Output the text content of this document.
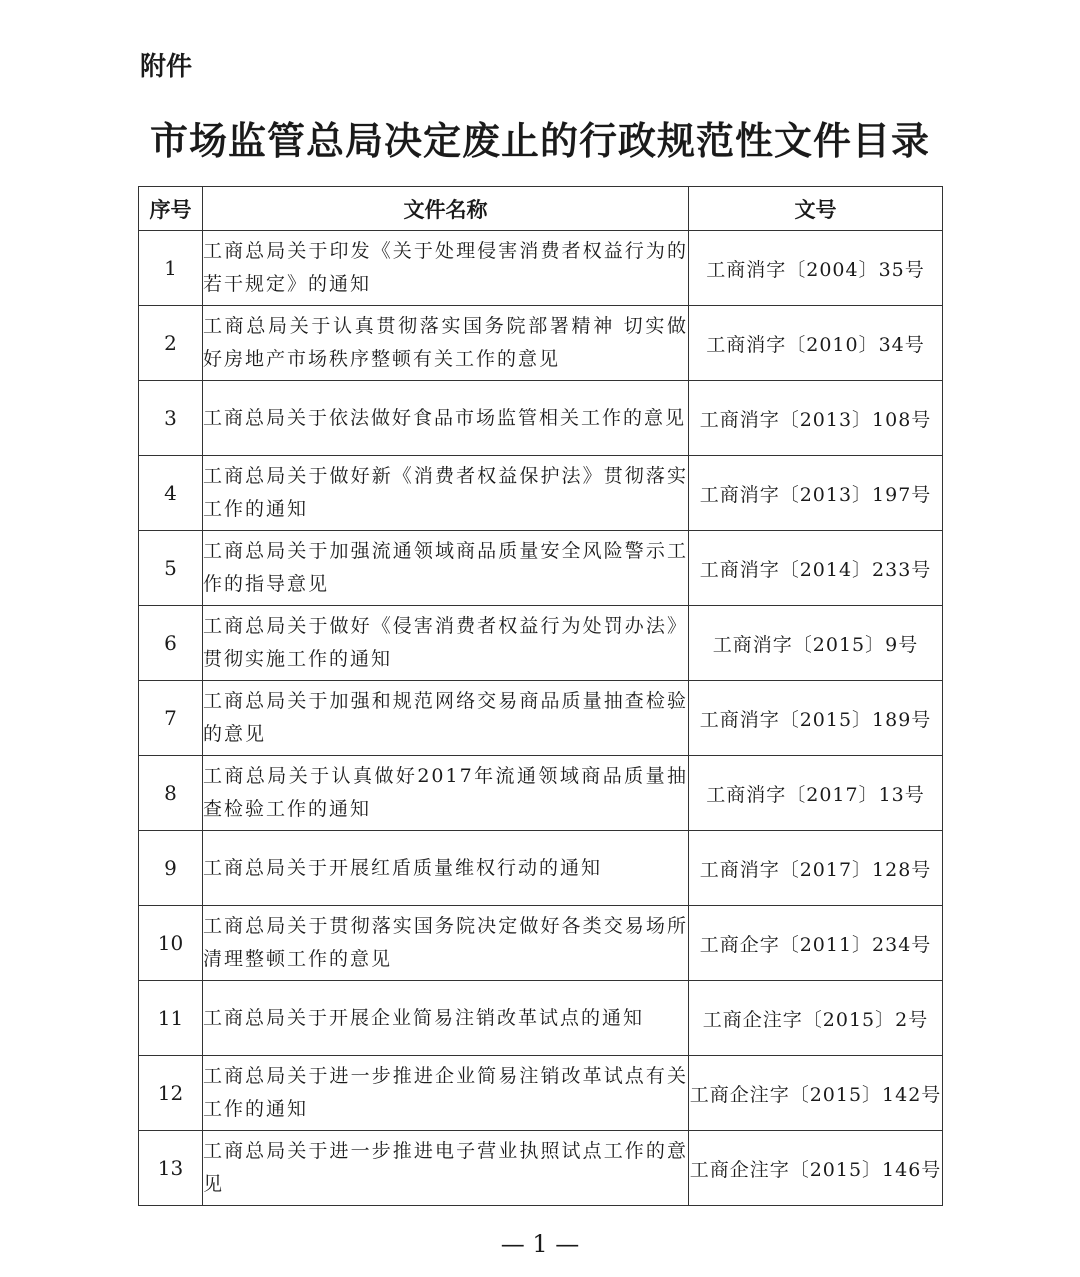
附件
市场监管总局决定废止的行政规范性文件目录
序号	文件名称	文号
1	工商总局关于印发《关于处理侵害消费者权益行为的若干规定》的通知	工商消字〔2004〕35号
2	工商总局关于认真贯彻落实国务院部署精神 切实做好房地产市场秩序整顿有关工作的意见	工商消字〔2010〕34号
3	工商总局关于依法做好食品市场监管相关工作的意见	工商消字〔2013〕108号
4	工商总局关于做好新《消费者权益保护法》贯彻落实工作的通知	工商消字〔2013〕197号
5	工商总局关于加强流通领域商品质量安全风险警示工作的指导意见	工商消字〔2014〕233号
6	工商总局关于做好《侵害消费者权益行为处罚办法》贯彻实施工作的通知	工商消字〔2015〕9号
7	工商总局关于加强和规范网络交易商品质量抽查检验的意见	工商消字〔2015〕189号
8	工商总局关于认真做好2017年流通领域商品质量抽查检验工作的通知	工商消字〔2017〕13号
9	工商总局关于开展红盾质量维权行动的通知	工商消字〔2017〕128号
10	工商总局关于贯彻落实国务院决定做好各类交易场所清理整顿工作的意见	工商企字〔2011〕234号
11	工商总局关于开展企业简易注销改革试点的通知	工商企注字〔2015〕2号
12	工商总局关于进一步推进企业简易注销改革试点有关工作的通知	工商企注字〔2015〕142号
13	工商总局关于进一步推进电子营业执照试点工作的意见	工商企注字〔2015〕146号
— 1 —
